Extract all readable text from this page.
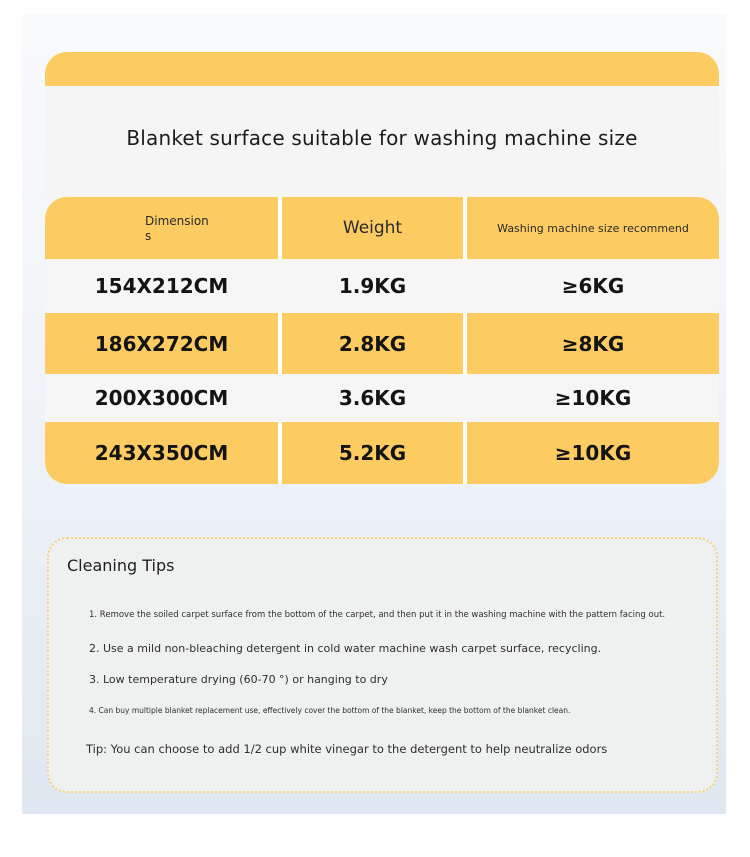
Blanket surface suitable for washing machine size
Dimensions	Weight	Washing machine size recommend
154X212CM	1.9KG	≥6KG
186X272CM	2.8KG	≥8KG
200X300CM	3.6KG	≥10KG
243X350CM	5.2KG	≥10KG
Cleaning Tips
1. Remove the soiled carpet surface from the bottom of the carpet, and then put it in the washing machine with the pattern facing out.
2. Use a mild non-bleaching detergent in cold water machine wash carpet surface, recycling.
3. Low temperature drying (60-70 °) or hanging to dry
4. Can buy multiple blanket replacement use, effectively cover the bottom of the blanket, keep the bottom of the blanket clean.
Tip: You can choose to add 1/2 cup white vinegar to the detergent to help neutralize odors
